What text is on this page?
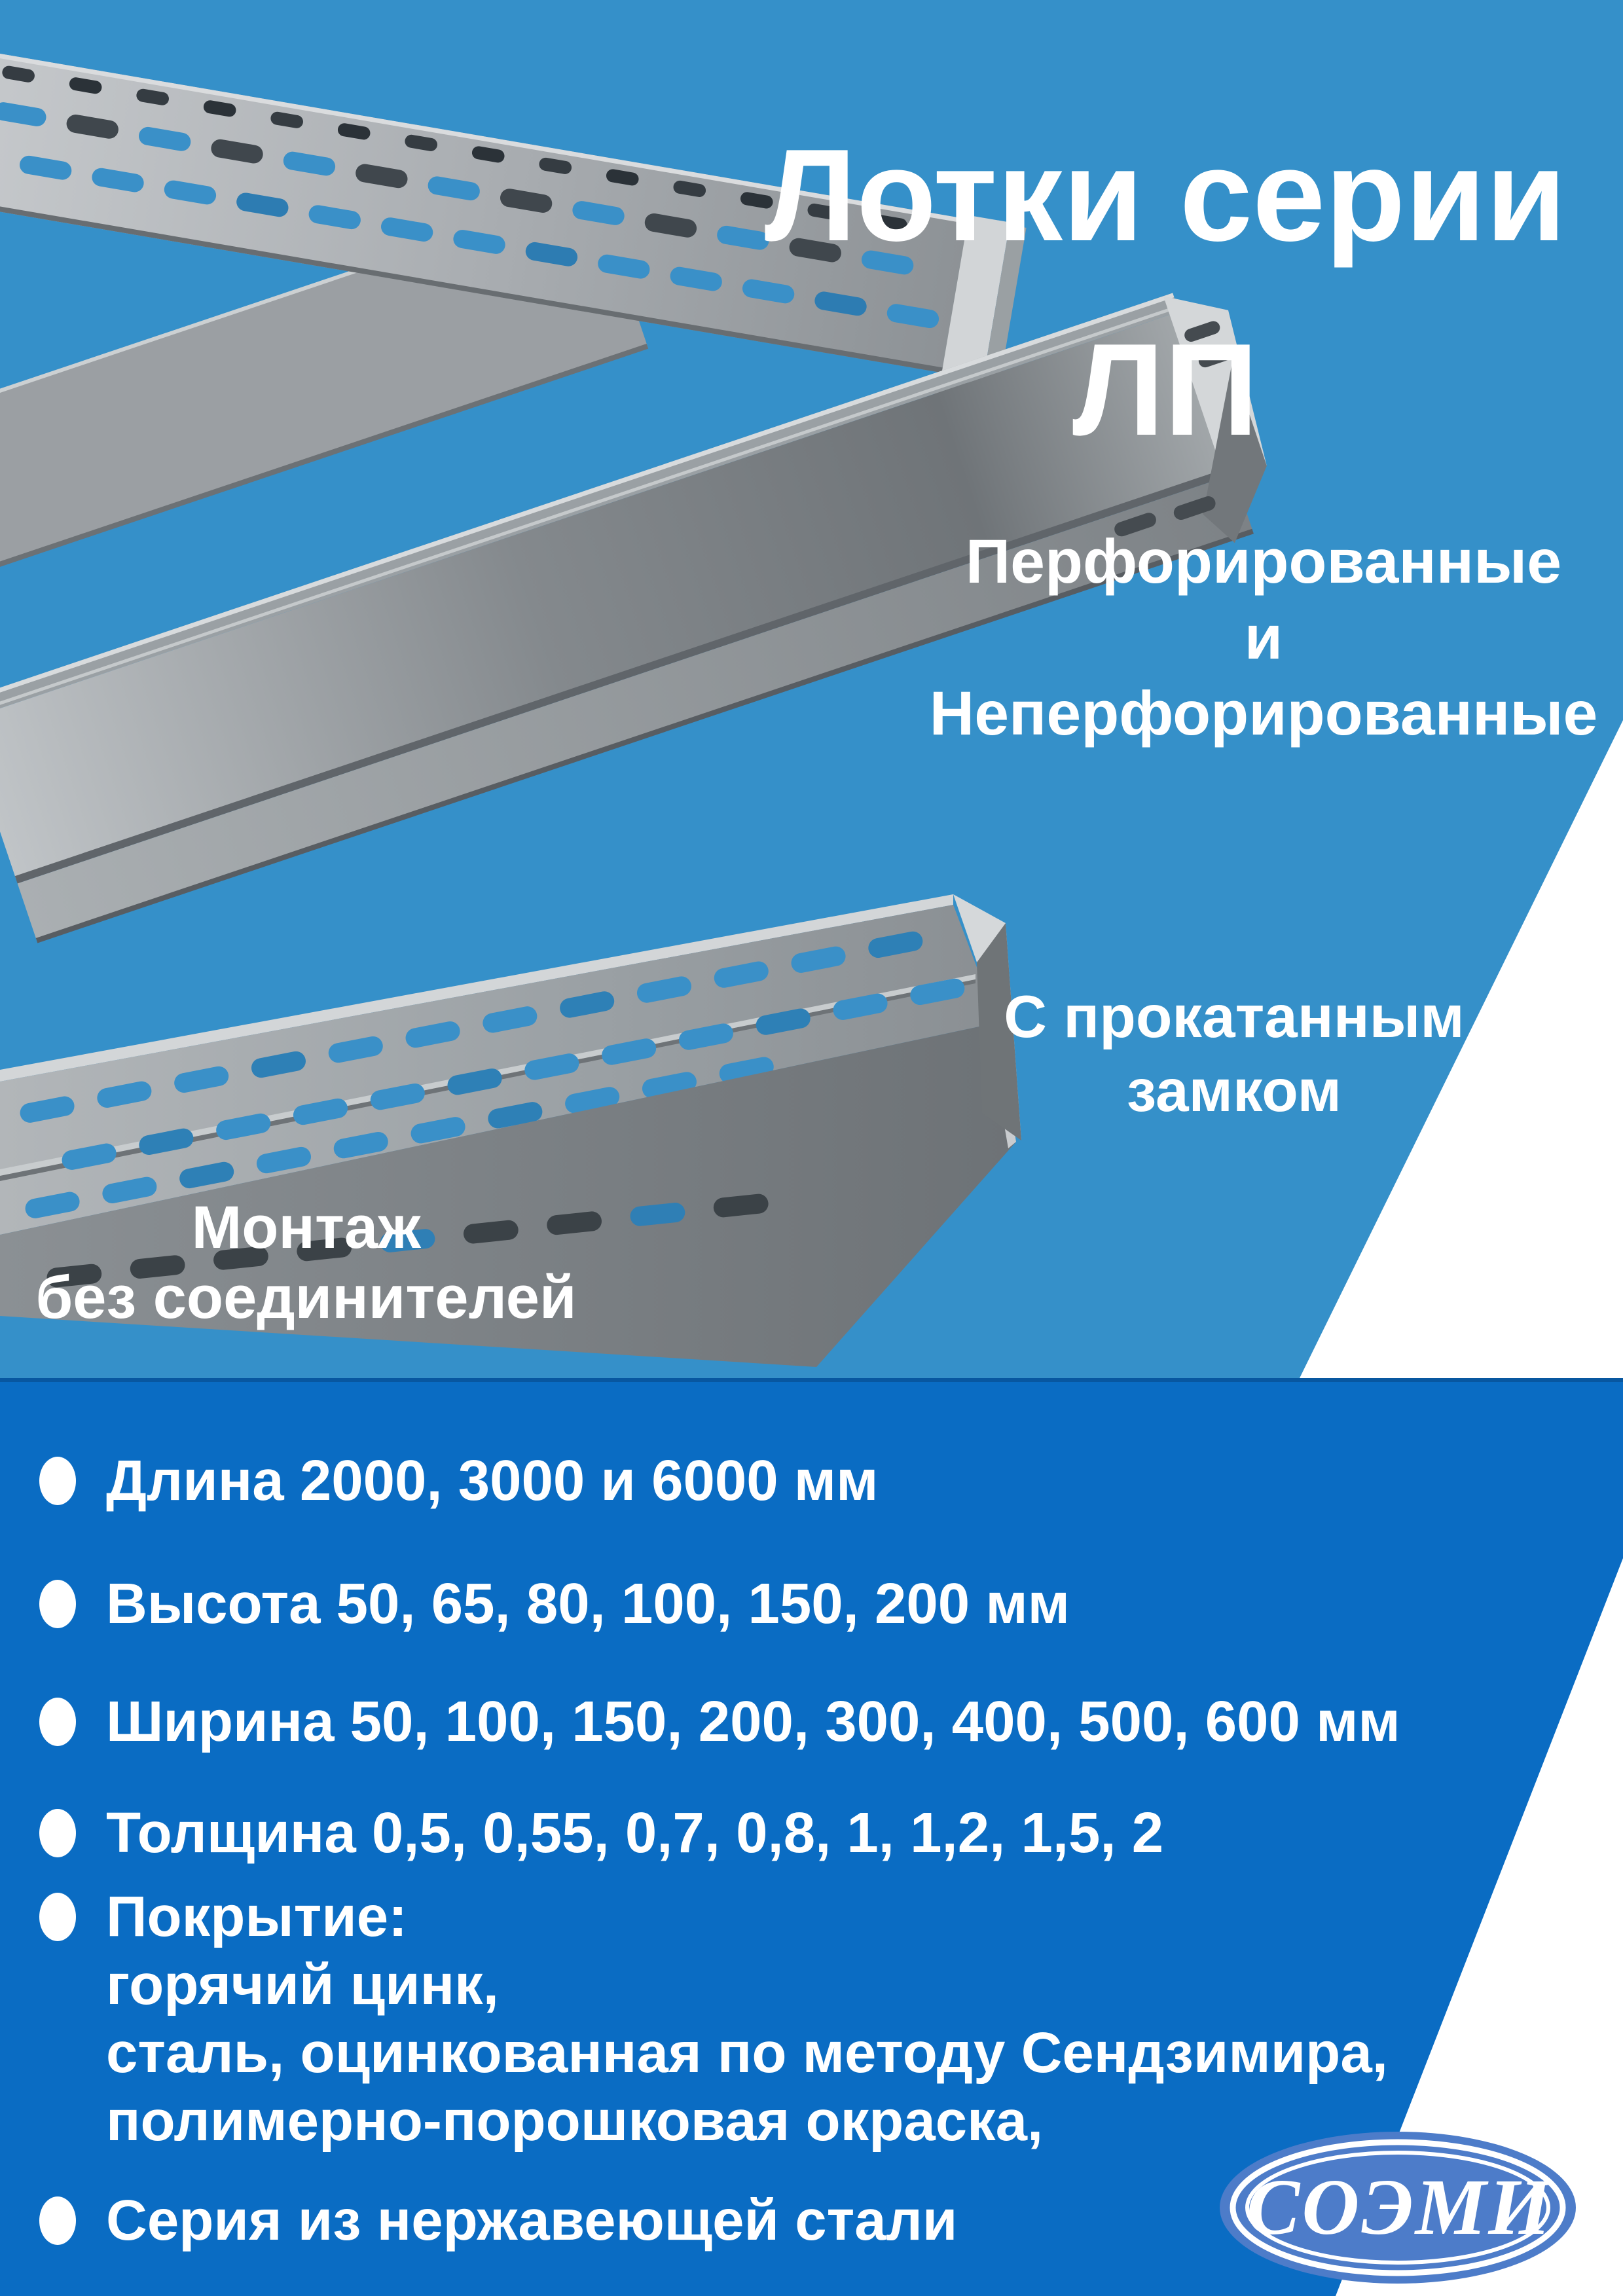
Лотки серии
ЛП
Перфорированные
и
Неперфорированные
С прокатанным
замком
Монтаж
без соединителей
Длина 2000, 3000 и 6000 мм
Высота 50, 65, 80, 100, 150, 200 мм
Ширина 50, 100, 150, 200, 300, 400, 500, 600 мм
Толщина 0,5, 0,55, 0,7, 0,8, 1, 1,2, 1,5, 2
Покрытие:
горячий цинк,
сталь, оцинкованная по методу Сендзимира,
полимерно-порошковая окраска,
Серия из нержавеющей стали	СОЭМИ
